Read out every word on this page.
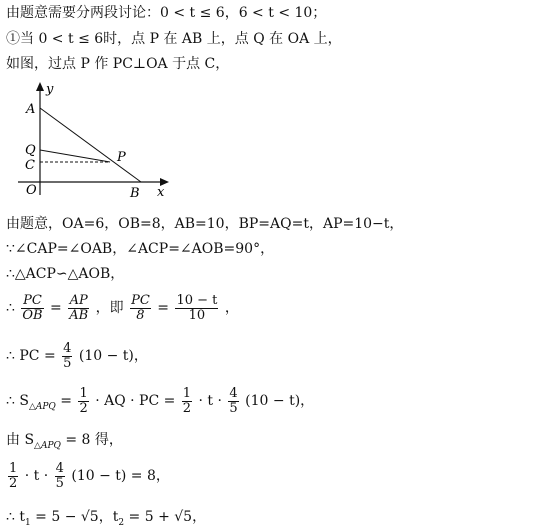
由题意需要分两段讨论：0 < t ≤ 6，6 < t < 10；
①当 0 < t ≤ 6时，点 P 在 AB 上，点 Q 在 OA 上，
如图，过点 P 作 PC⊥OA 于点 C，
y
x
A
Q
C
O
P
B
由题意，OA=6，OB=8，AB=10，BP=AQ=t，AP=10−t，
∵∠CAP=∠OAB，∠ACP=∠AOB=90°，
∴△ACP∽△AOB，
∴ $\frac{PC}{OB} = \frac{AP}{AB}$ ，即 $\frac{PC}{8} = \frac{10 - t}{10}$ ，
∴ PC = $\frac{4}{5} (10 - t)$，
∴ $S_{\triangle APQ} = \frac{1}{2}$ · AQ · PC = $\frac{1}{2} \cdot t \cdot \frac{4}{5} (10 - t)$，
由 $S_{\triangle APQ} = 8$ 得，
$\frac{1}{2} \cdot t \cdot \frac{4}{5} (10 - t) = 8$，
∴ $t_1 = 5 - √5$，$t_2 = 5 + √5$，
